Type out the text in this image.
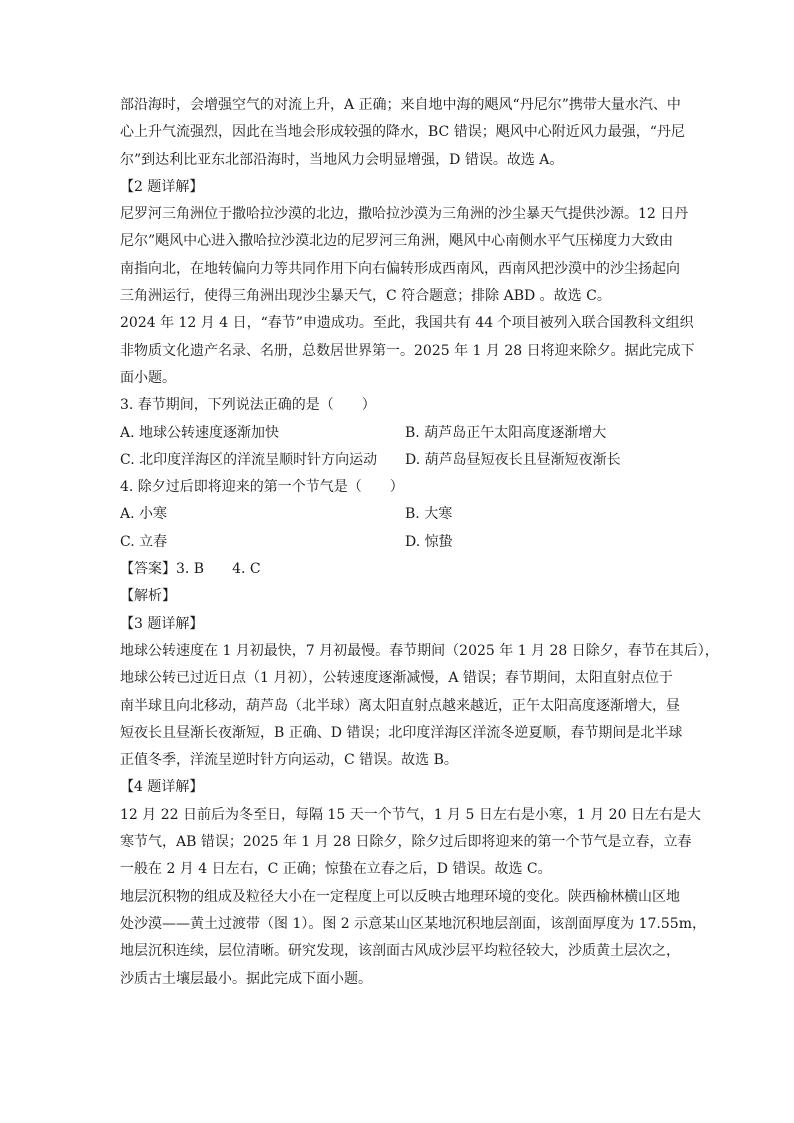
部沿海时，会增强空气的对流上升，A 正确；来自地中海的飓风“丹尼尔”携带大量水汽、中
心上升气流强烈，因此在当地会形成较强的降水，BC 错误；飓风中心附近风力最强，“丹尼
尔”到达利比亚东北部沿海时，当地风力会明显增强，D 错误。故选 A。
【2 题详解】
尼罗河三角洲位于撒哈拉沙漠的北边，撒哈拉沙漠为三角洲的沙尘暴天气提供沙源。12 日丹
尼尔”飓风中心进入撒哈拉沙漠北边的尼罗河三角洲，飓风中心南侧水平气压梯度力大致由
南指向北，在地转偏向力等共同作用下向右偏转形成西南风，西南风把沙漠中的沙尘扬起向
三角洲运行，使得三角洲出现沙尘暴天气，C 符合题意；排除 ABD 。故选 C。
2024 年 12 月 4 日，“春节”申遗成功。至此，我国共有 44 个项目被列入联合国教科文组织
非物质文化遗产名录、名册，总数居世界第一。2025 年 1 月 28 日将迎来除夕。据此完成下
面小题。
3. 春节期间，下列说法正确的是（　　）
A. 地球公转速度逐渐加快	B. 葫芦岛正午太阳高度逐渐增大
C. 北印度洋海区的洋流呈顺时针方向运动	D. 葫芦岛昼短夜长且昼渐短夜渐长
4. 除夕过后即将迎来的第一个节气是（　　）
A. 小寒	B. 大寒
C. 立春	D. 惊蛰
【答案】3. B　　4. C
【解析】
【3 题详解】
地球公转速度在 1 月初最快，7 月初最慢。春节期间（2025 年 1 月 28 日除夕，春节在其后），
地球公转已过近日点（1 月初），公转速度逐渐减慢，A 错误；春节期间，太阳直射点位于
南半球且向北移动，葫芦岛（北半球）离太阳直射点越来越近，正午太阳高度逐渐增大，昼
短夜长且昼渐长夜渐短，B 正确、D 错误；北印度洋海区洋流冬逆夏顺，春节期间是北半球
正值冬季，洋流呈逆时针方向运动，C 错误。故选 B。
【4 题详解】
12 月 22 日前后为冬至日，每隔 15 天一个节气，1 月 5 日左右是小寒，1 月 20 日左右是大
寒节气，AB 错误；2025 年 1 月 28 日除夕，除夕过后即将迎来的第一个节气是立春，立春
一般在 2 月 4 日左右，C 正确；惊蛰在立春之后，D 错误。故选 C。
地层沉积物的组成及粒径大小在一定程度上可以反映古地理环境的变化。陕西榆林横山区地
处沙漠——黄土过渡带（图 1）。图 2 示意某山区某地沉积地层剖面，该剖面厚度为 17.55m，
地层沉积连续，层位清晰。研究发现，该剖面古风成沙层平均粒径较大，沙质黄土层次之，
沙质古土壤层最小。据此完成下面小题。
